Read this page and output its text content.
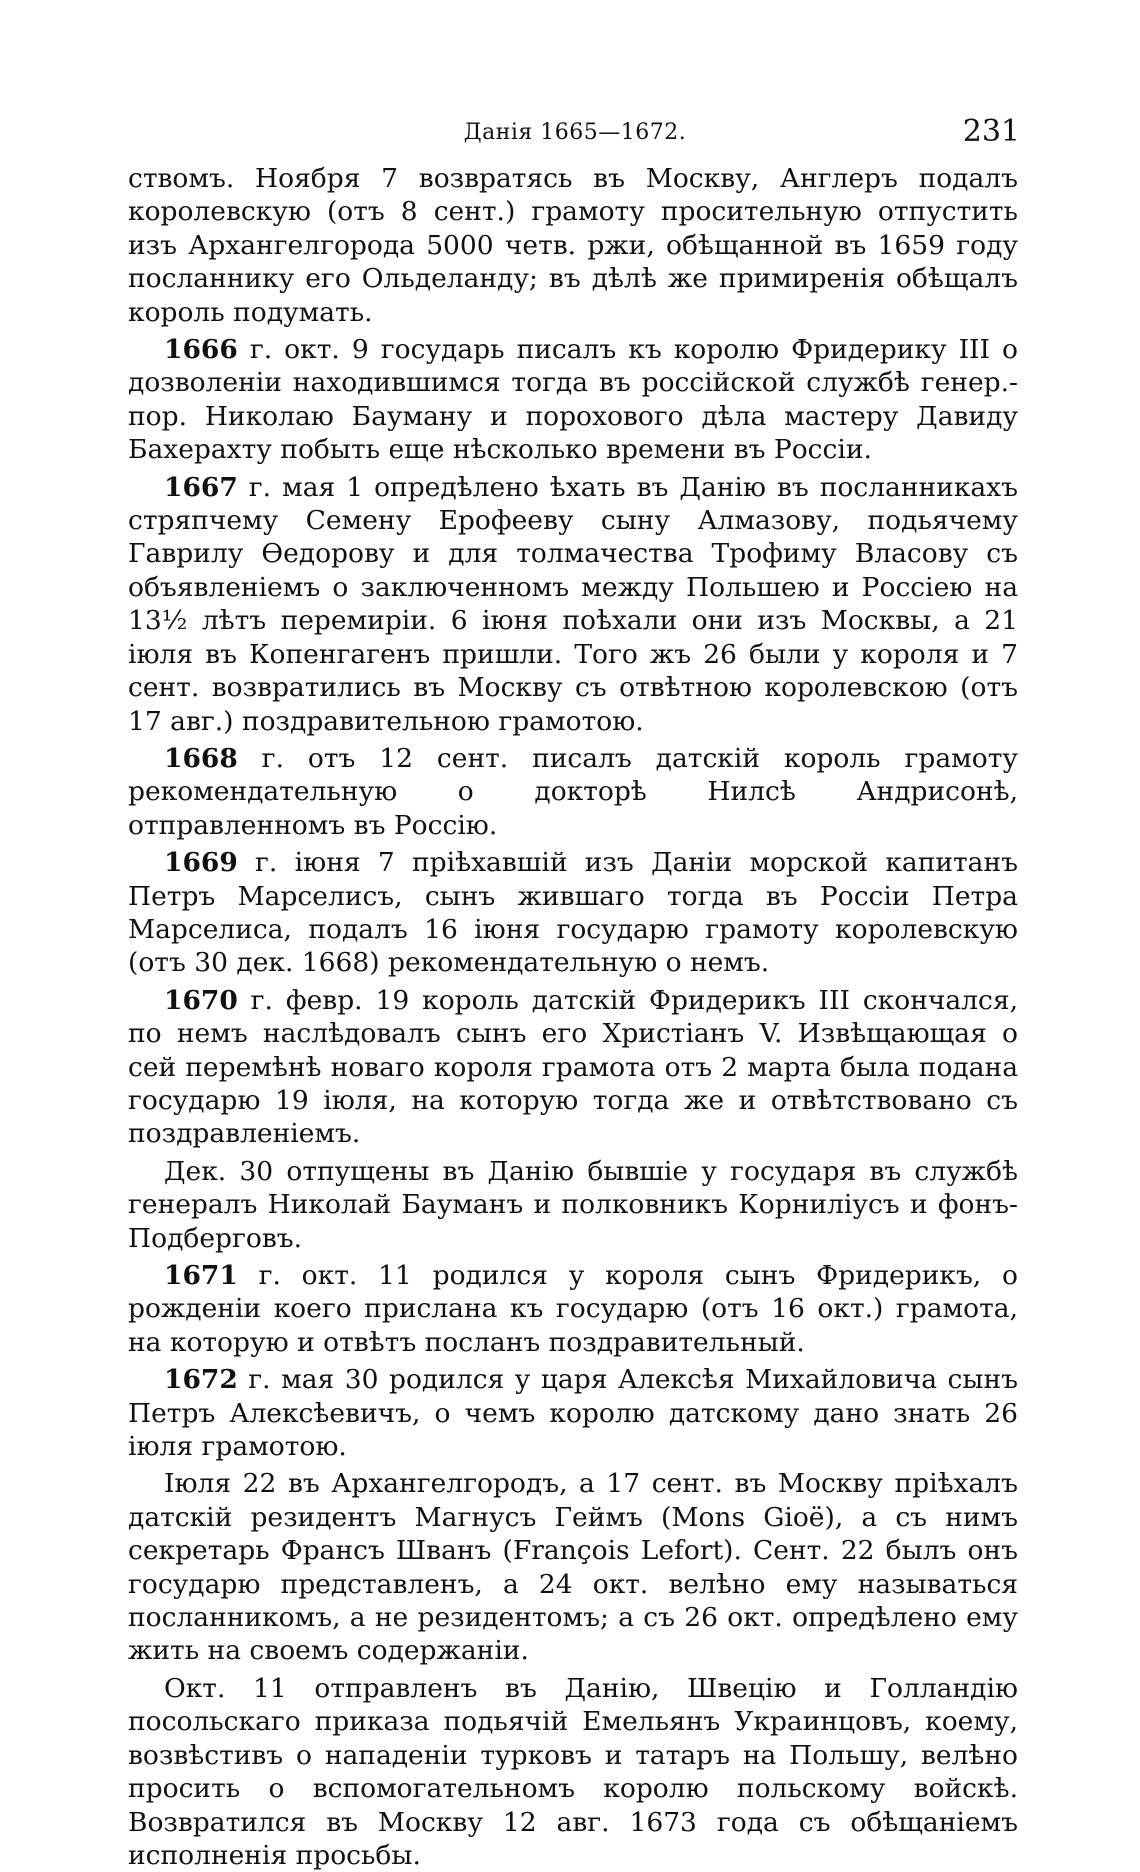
Данія 1665—1672.	231

ствомъ. Ноября 7 возвратясь въ Москву, Англеръ подалъ королевскую (отъ 8 сент.) грамоту просительную отпустить изъ Архангелгорода 5000 четв. ржи, обѣщанной въ 1659 году посланнику его Ольделанду; въ дѣлѣ же примиренія обѣщалъ король подумать.

1666 г. окт. 9 государь писалъ къ королю Фридерику III о дозволеніи находившимся тогда въ россійской службѣ генер.-пор. Николаю Бауману и порохового дѣла мастеру Давиду Бахерахту побыть еще нѣсколько времени въ Россіи.

1667 г. мая 1 опредѣлено ѣхать въ Данію въ посланникахъ стряпчему Семену Ерофееву сыну Алмазову, подьячему Гаврилу Ѳедорову и для толмачества Трофиму Власову съ объявленіемъ о заключенномъ между Польшею и Россіею на 13½ лѣтъ перемиріи. 6 іюня поѣхали они изъ Москвы, а 21 іюля въ Копенгагенъ пришли. Того жъ 26 были у короля и 7 сент. возвратились въ Москву съ отвѣтною королевскою (отъ 17 авг.) поздравительною грамотою.

1668 г. отъ 12 сент. писалъ датскій король грамоту рекомендательную о докторѣ Нилсѣ Андрисонѣ, отправленномъ въ Россію.

1669 г. іюня 7 пріѣхавшій изъ Даніи морской капитанъ Петръ Марселисъ, сынъ жившаго тогда въ Россіи Петра Марселиса, подалъ 16 іюня государю грамоту королевскую (отъ 30 дек. 1668) рекомендательную о немъ.

1670 г. февр. 19 король датскій Фридерикъ III скончался, по немъ наслѣдовалъ сынъ его Христіанъ V. Извѣщающая о сей перемѣнѣ новаго короля грамота отъ 2 марта была подана государю 19 іюля, на которую тогда же и отвѣтствовано съ поздравленіемъ.

Дек. 30 отпущены въ Данію бывшіе у государя въ службѣ генералъ Николай Бауманъ и полковникъ Корниліусъ и фонъ-Подберговъ.

1671 г. окт. 11 родился у короля сынъ Фридерикъ, о рожденіи коего прислана къ государю (отъ 16 окт.) грамота, на которую и отвѣтъ посланъ поздравительный.

1672 г. мая 30 родился у царя Алексѣя Михайловича сынъ Петръ Алексѣевичъ, о чемъ королю датскому дано знать 26 іюля грамотою.

Іюля 22 въ Архангелгородъ, а 17 сент. въ Москву пріѣхалъ датскій резидентъ Магнусъ Геймъ (Mons Gioë), а съ нимъ секретарь Франсъ Шванъ (François Lefort). Сент. 22 былъ онъ государю представленъ, а 24 окт. велѣно ему называться посланникомъ, а не резидентомъ; а съ 26 окт. опредѣлено ему жить на своемъ содержаніи.

Окт. 11 отправленъ въ Данію, Швецію и Голландію посольскаго приказа подьячій Емельянъ Украинцовъ, коему, возвѣстивъ о нападеніи турковъ и татаръ на Польшу, велѣно просить о вспомогательномъ королю польскому войскѣ. Возвратился въ Москву 12 авг. 1673 года съ обѣщаніемъ исполненія просьбы.
